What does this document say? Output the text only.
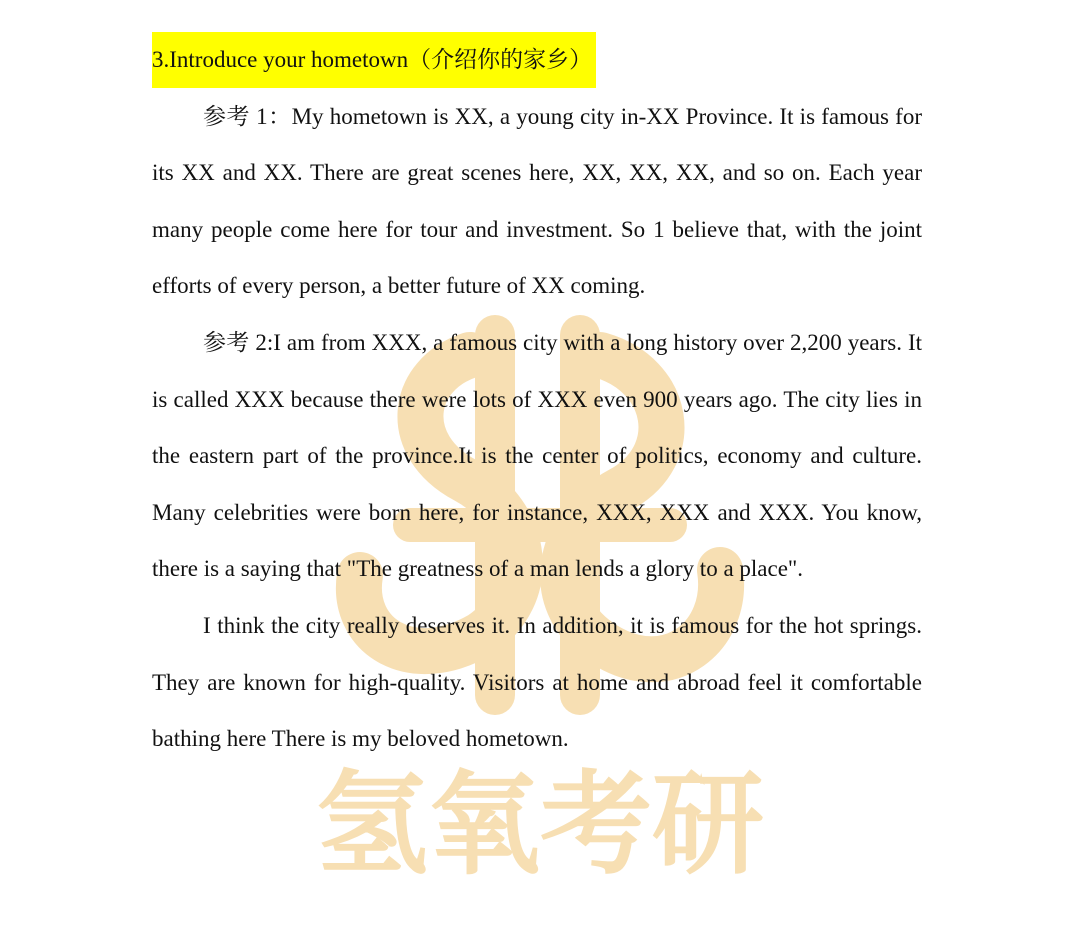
氢氧考研
3.Introduce your hometown（介绍你的家乡）

参考 1：My hometown is XX, a young city in-XX Province. It is famous for its XX and XX. There are great scenes here, XX, XX, XX, and so on. Each year many people come here for tour and investment. So 1 believe that, with the joint efforts of every person, a better future of XX coming.

参考 2:I am from XXX, a famous city with a long history over 2,200 years. It is called XXX because there were lots of XXX even 900 years ago. The city lies in the eastern part of the province.It is the center of politics, economy and culture. Many celebrities were born here, for instance, XXX, XXX and XXX. You know, there is a saying that "The greatness of a man lends a glory to a place".

I think the city really deserves it. In addition, it is famous for the hot springs. They are known for high-quality. Visitors at home and abroad feel it comfortable bathing here There is my beloved hometown.
